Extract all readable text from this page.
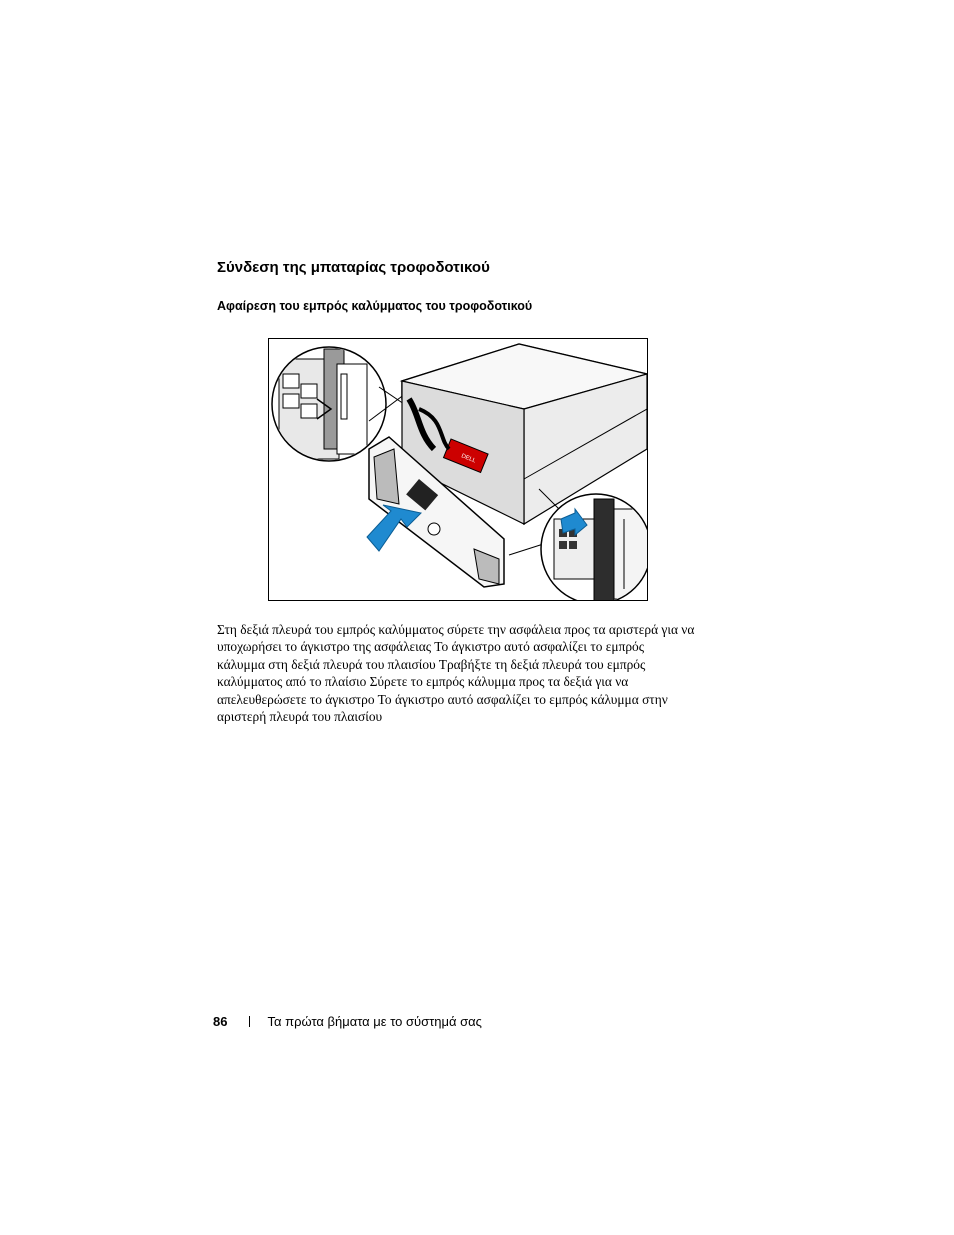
Σύνδεση της μπαταρίας τροφοδοτικού
Αφαίρεση του εμπρός καλύμματος του τροφοδοτικού
DELL

Στη δεξιά πλευρά του εμπρός καλύμματος σύρετε την ασφάλεια προς τα αριστερά για να
υποχωρήσει το άγκιστρο της ασφάλειας Το άγκιστρο αυτό ασφαλίζει το εμπρός
κάλυμμα στη δεξιά πλευρά του πλαισίου Τραβήξτε τη δεξιά πλευρά του εμπρός
καλύμματος από το πλαίσιο Σύρετε το εμπρός κάλυμμα προς τα δεξιά για να
απελευθερώσετε το άγκιστρο Το άγκιστρο αυτό ασφαλίζει το εμπρός κάλυμμα στην
αριστερή πλευρά του πλαισίου

86	Τα πρώτα βήματα με το σύστημά σας
